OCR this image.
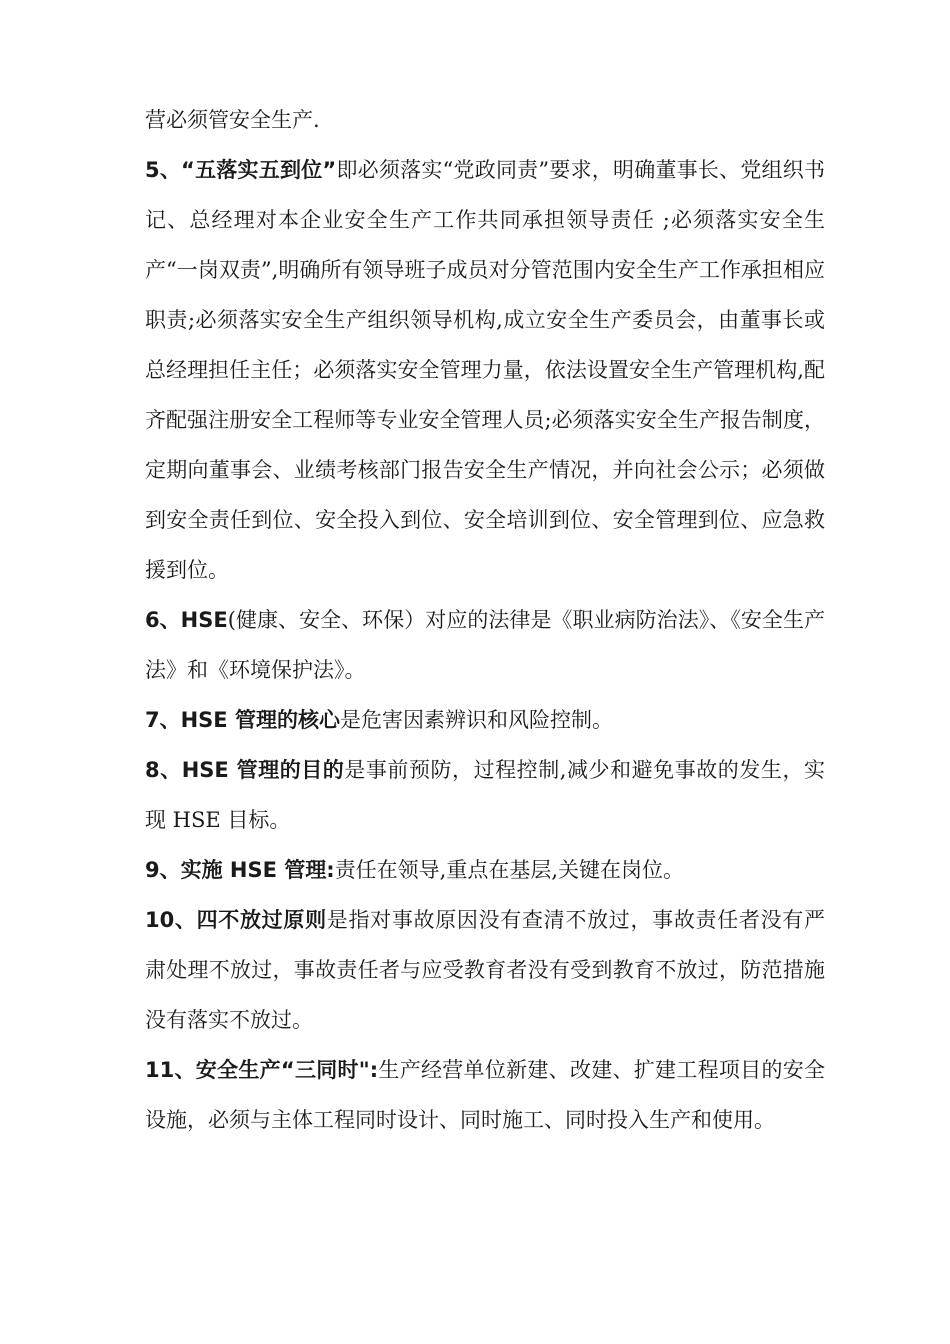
营必须管安全生产.

5、“五落实五到位”即必须落实“党政同责”要求，明确董事长、党组织书记、总经理对本企业安全生产工作共同承担领导责任 ;必须落实安全生产“一岗双责”,明确所有领导班子成员对分管范围内安全生产工作承担相应职责;必须落实安全生产组织领导机构,成立安全生产委员会，由董事长或总经理担任主任；必须落实安全管理力量，依法设置安全生产管理机构,配齐配强注册安全工程师等专业安全管理人员;必须落实安全生产报告制度，定期向董事会、业绩考核部门报告安全生产情况，并向社会公示；必须做到安全责任到位、安全投入到位、安全培训到位、安全管理到位、应急救援到位。

6、HSE(健康、安全、环保）对应的法律是《职业病防治法》、《安全生产法》和《环境保护法》。

7、HSE 管理的核心是危害因素辨识和风险控制。

8、HSE 管理的目的是事前预防，过程控制,减少和避免事故的发生，实现 HSE 目标。

9、实施 HSE 管理:责任在领导,重点在基层,关键在岗位。

10、四不放过原则是指对事故原因没有查清不放过，事故责任者没有严肃处理不放过，事故责任者与应受教育者没有受到教育不放过，防范措施没有落实不放过。

11、安全生产“三同时":生产经营单位新建、改建、扩建工程项目的安全设施，必须与主体工程同时设计、同时施工、同时投入生产和使用。
